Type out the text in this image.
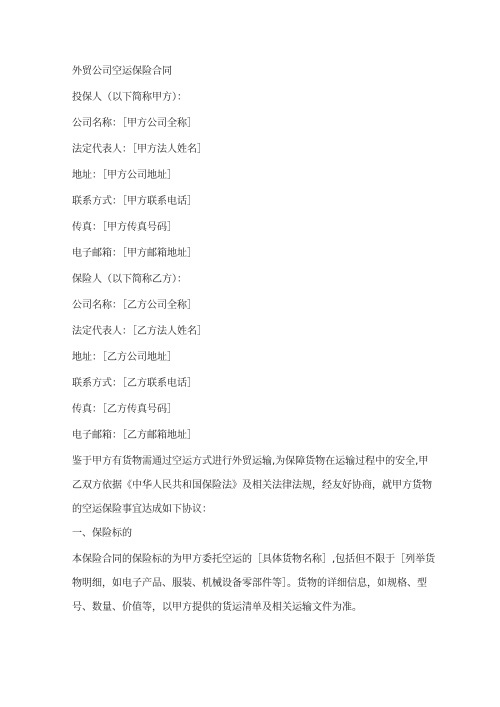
外贸公司空运保险合同
投保人（以下简称甲方）：
公司名称：［甲方公司全称］
法定代表人：［甲方法人姓名］
地址：［甲方公司地址］
联系方式：［甲方联系电话］
传真：［甲方传真号码］
电子邮箱：［甲方邮箱地址］
保险人（以下简称乙方）：
公司名称：［乙方公司全称］
法定代表人：［乙方法人姓名］
地址：［乙方公司地址］
联系方式：［乙方联系电话］
传真：［乙方传真号码］
电子邮箱：［乙方邮箱地址］
鉴于甲方有货物需通过空运方式进行外贸运输,为保障货物在运输过程中的安全,甲乙双方依据《中华人民共和国保险法》及相关法律法规，经友好协商，就甲方货物的空运保险事宜达成如下协议：
一、保险标的
本保险合同的保险标的为甲方委托空运的［具体货物名称］,包括但不限于［列举货物明细，如电子产品、服装、机械设备零部件等］。货物的详细信息，如规格、型号、数量、价值等，以甲方提供的货运清单及相关运输文件为准。
